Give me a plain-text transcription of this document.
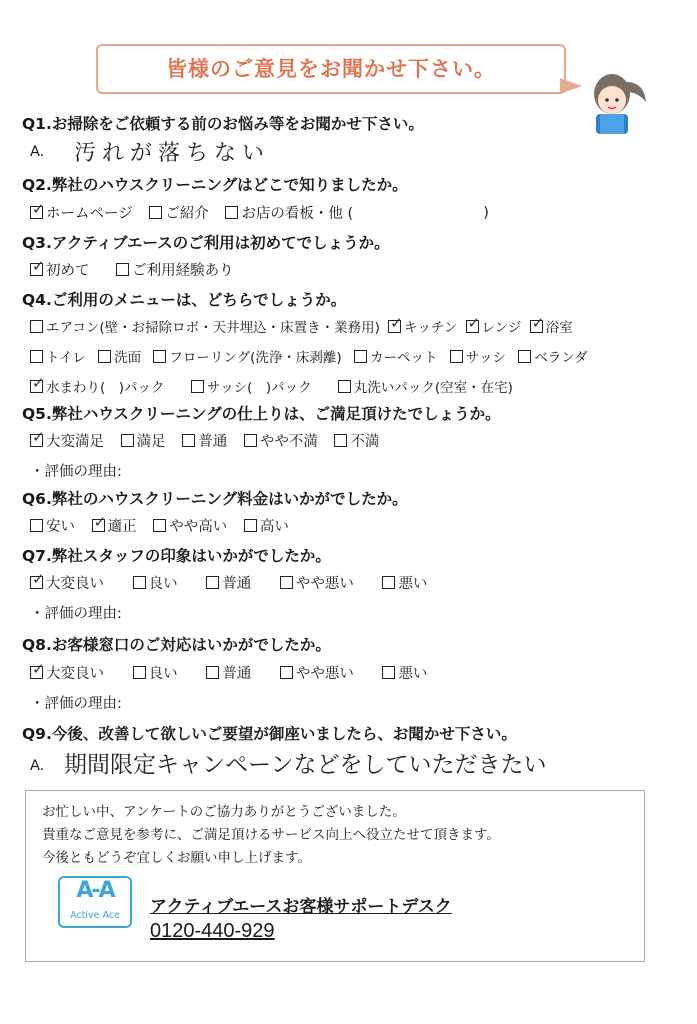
皆様のご意見をお聞かせ下さい。
Q1.お掃除をご依頼する前のお悩み等をお聞かせ下さい。
A. 汚れが落ちない
Q2.弊社のハウスクリーニングはどこで知りましたか。
✓ ホームページ
ご紹介
お店の看板・他 (	)
Q3.アクティブエースのご利用は初めてでしょうか。
✓ 初めて
	ご利用経験あり
Q4.ご利用のメニューは、どちらでしょうか。
エアコン(壁・お掃除ロボ・天井埋込・床置き・業務用)
✓ キッチン
✓ レンジ
✓ 浴室
トイレ
洗面
フローリング(洗浄・床剥離)
カーペット
サッシ
ベランダ
✓ 水まわり(　)パック
	サッシ(　)パック
	丸洗いパック(空室・在宅)
Q5.弊社ハウスクリーニングの仕上りは、ご満足頂けたでしょうか。
✓ 大変満足
満足
普通
やや不満
不満
・評価の理由:
Q6.弊社のハウスクリーニング料金はいかがでしたか。
安い
✓ 適正
やや高い
高い
Q7.弊社スタッフの印象はいかがでしたか。
✓ 大変良い
	良い
	普通
	やや悪い
	悪い
・評価の理由:
Q8.お客様窓口のご対応はいかがでしたか。
✓ 大変良い
	良い
	普通
	やや悪い
	悪い
・評価の理由:
Q9.今後、改善して欲しいご要望が御座いましたら、お聞かせ下さい。
A. 期間限定キャンペーンなどをしていただきたい
お忙しい中、アンケートのご協力ありがとうございました。
貴重なご意見を参考に、ご満足頂けるサービス向上へ役立たせて頂きます。
今後ともどうぞ宜しくお願い申し上げます。
A-A
Active Ace	アクティブエースお客様サポートデスク
0120-440-929
